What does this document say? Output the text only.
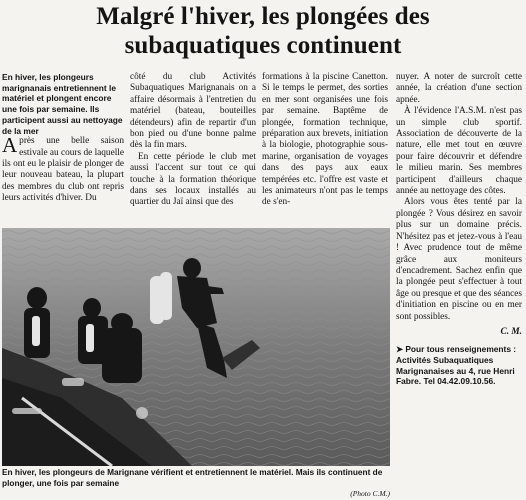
Malgré l'hiver, les plongées des
subaquatiques continuent

En hiver, les plongeurs marignanais entretiennent le matériel et plongent encore une fois par semaine. Ils participent aussi au nettoyage de la mer

Après une belle saison estivale au cours de laquelle ils ont eu le plaisir de plonger de leur nouveau bateau, la plupart des membres du club ont repris leurs activités d'hiver. Du

côté du club Activités Subaquatiques Marignanais on a affaire désormais à l'entretien du matériel (bateau, bouteilles détendeurs) afin de repartir d'un bon pied ou d'une bonne palme dès la fin mars.

En cette période le club met aussi l'accent sur tout ce qui touche à la formation théorique dans ses locaux installés au quartier du Jaï ainsi que des

formations à la piscine Canetton. Si le temps le permet, des sorties en mer sont organisées une fois par semaine. Baptême de plongée, formation technique, préparation aux brevets, initiation à la biologie, photographie sous-marine, organisation de voyages dans des pays aux eaux tempérées etc. l'offre est vaste et les animateurs n'ont pas le temps de s'en-

nuyer. À noter de surcroît cette année, la création d'une section apnée.

À l'évidence l'A.S.M. n'est pas un simple club sportif. Association de découverte de la nature, elle met tout en œuvre pour faire découvrir et défendre le milieu marin. Ses membres participent d'ailleurs chaque année au nettoyage des côtes.

Alors vous êtes tenté par la plongée ? Vous désirez en savoir plus sur un domaine précis. N'hésitez pas et jetez-vous à l'eau ! Avec prudence tout de même grâce aux moniteurs d'encadrement. Sachez enfin que la plongée peut s'effectuer à tout âge ou presque et que des séances d'initiation en piscine ou en mer sont possibles.

C. M.

➤ Pour tous renseignements : Activités Subaquatiques Marignanaises au 4, rue Henri Fabre. Tel 04.42.09.10.56.

En hiver, les plongeurs de Marignane vérifient et entretiennent le matériel. Mais ils continuent de plonger, une fois par semaine

(Photo C.M.)
